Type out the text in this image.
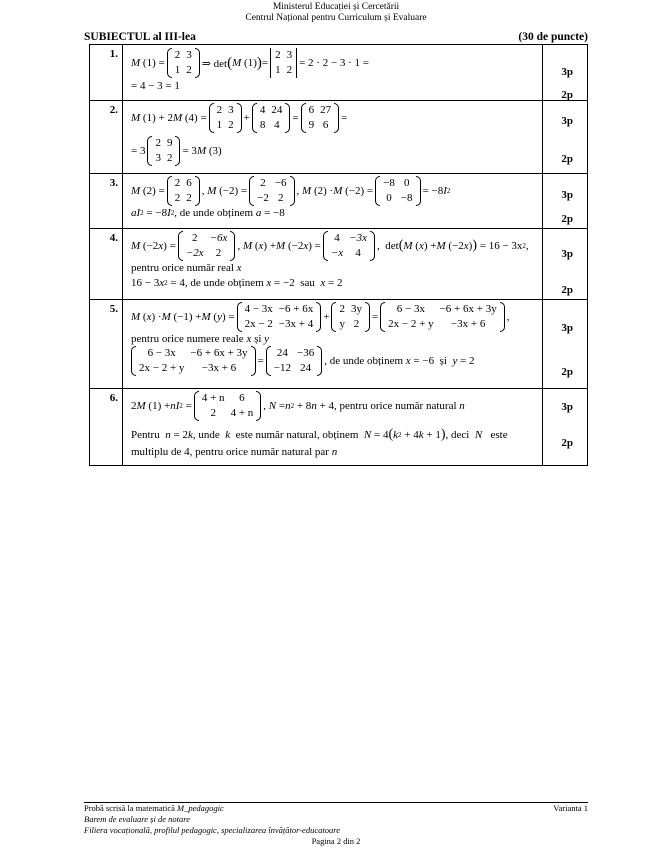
Ministerul Educației și Cercetării
Centrul Național pentru Curriculum și Evaluare
SUBIECTUL al III-lea	(30 de puncte)
1.	
M (1) =
2	3
1	2
⇒ det ( M (1) ) =
2	3
1	2
= 2 · 2 − 3 · 1 =
= 4 − 3 = 1

3p
2p

2.	
M (1) + 2 M (4) =
2	3
1	2
+
4	24
8	4
=
6	27
9	6
=
= 3
2	9
3	2
= 3 M (3)

3p
2p

3.	
M (2) =
2	6
2	2
, M (−2) =
2	−6
−2	2
, M (2) · M (−2) =
−8	0
0	−8
= −8 I 2
aI 2 = −8 I 2 , de unde obținem
a = −8

3p
2p

4.	
M (−2 x ) =
2	−6x
−2x	2
, M ( x ) + M (−2 x ) =
4	−3x
−x	4
,  det ( M ( x ) + M (−2 x ) )
= 16 − 3x 2 ,
pentru orice număr real
x
16 − 3 x 2 = 4 , de unde obținem
x = −2 sau
x = 2

3p
2p

5.	
M ( x ) · M (−1) + M ( y ) =
4 − 3x	−6 + 6x
2x − 2	−3x + 4
+
2	3y
y	2
=
6 − 3x	−6 + 6x + 3y
2x − 2 + y	−3x + 6
,
pentru orice numere reale
x
și
y
6 − 3x	−6 + 6x + 3y
2x − 2 + y	−3x + 6
=
24	−36
−12	24
, de unde obținem
x = −6 și
y = 2

3p
2p

6.	
2 M (1) + nI 2 =
4 + n	6
2	4 + n
, N = n 2 + 8 n + 4 , pentru orice număr natural
n
Pentru
n = 2 k , unde
k
este număr natural, obținem
N = 4 ( k 2 + 4 k + 1 ) , deci
N
este
multiplu de 4 , pentru orice număr natural par
n

3p
2p
Probă scrisă la matematică M_pedagogic	Varianta 1
Barem de evaluare și de notare
Filiera vocațională, profilul pedagogic, specializarea învățător-educatoare
Pagina 2 din 2
